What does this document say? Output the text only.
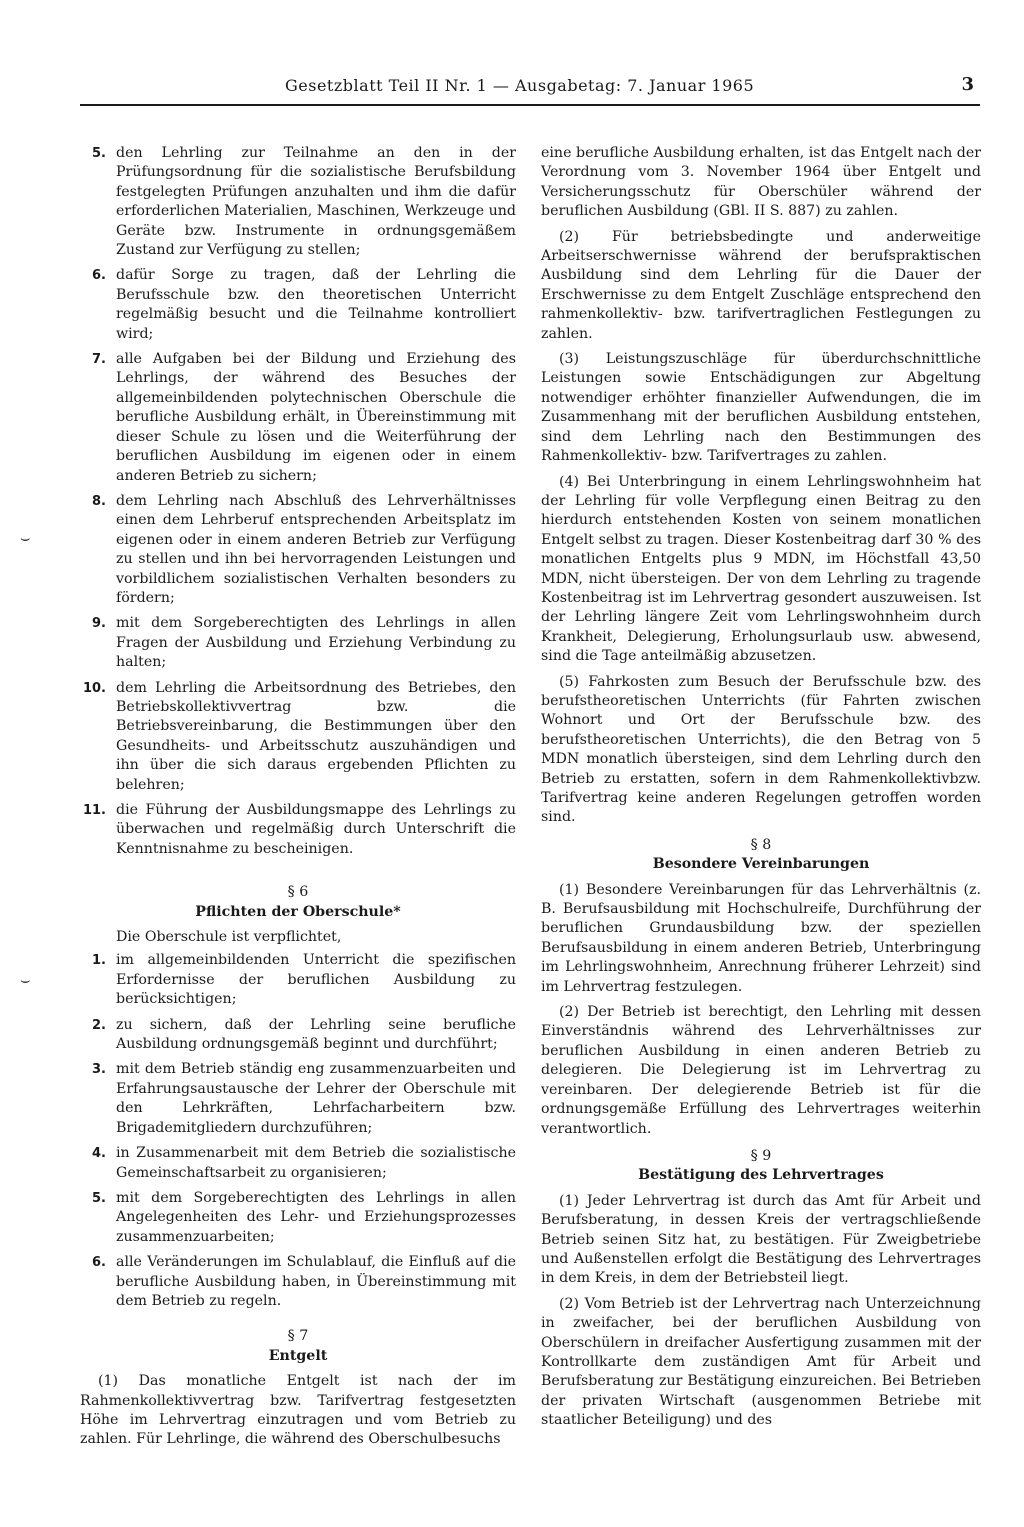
Gesetzblatt Teil II Nr. 1 — Ausgabetag: 7. Januar 1965	3
⌣
⌣
5. den Lehrling zur Teilnahme an den in der Prüfungsordnung für die sozialistische Berufsbildung festgelegten Prüfungen anzuhalten und ihm die dafür erforderlichen Materialien, Maschinen, Werkzeuge und Geräte bzw. Instrumente in ordnungsgemäßem Zustand zur Verfügung zu stellen;
6. dafür Sorge zu tragen, daß der Lehrling die Berufsschule bzw. den theoretischen Unterricht regelmäßig besucht und die Teilnahme kontrolliert wird;
7. alle Aufgaben bei der Bildung und Erziehung des Lehrlings, der während des Besuches der allgemeinbildenden polytechnischen Oberschule die berufliche Ausbildung erhält, in Übereinstimmung mit dieser Schule zu lösen und die Weiterführung der beruflichen Ausbildung im eigenen oder in einem anderen Betrieb zu sichern;
8. dem Lehrling nach Abschluß des Lehrverhältnisses einen dem Lehrberuf entsprechenden Arbeitsplatz im eigenen oder in einem anderen Betrieb zur Verfügung zu stellen und ihn bei hervorragenden Leistungen und vorbildlichem sozialistischen Verhalten besonders zu fördern;
9. mit dem Sorgeberechtigten des Lehrlings in allen Fragen der Ausbildung und Erziehung Verbindung zu halten;
10. dem Lehrling die Arbeitsordnung des Betriebes, den Betriebskollektivvertrag bzw. die Betriebsvereinbarung, die Bestimmungen über den Gesundheits- und Arbeitsschutz auszuhändigen und ihn über die sich daraus ergebenden Pflichten zu belehren;
11. die Führung der Ausbildungsmappe des Lehrlings zu überwachen und regelmäßig durch Unterschrift die Kenntnisnahme zu bescheinigen.
§ 6
Pflichten der Oberschule*
Die Oberschule ist verpflichtet,
1. im allgemeinbildenden Unterricht die spezifischen Erfordernisse der beruflichen Ausbildung zu berücksichtigen;
2. zu sichern, daß der Lehrling seine berufliche Ausbildung ordnungsgemäß beginnt und durchführt;
3. mit dem Betrieb ständig eng zusammenzuarbeiten und Erfahrungsaustausche der Lehrer der Oberschule mit den Lehrkräften, Lehrfacharbeitern bzw. Brigademitgliedern durchzuführen;
4. in Zusammenarbeit mit dem Betrieb die sozialistische Gemeinschaftsarbeit zu organisieren;
5. mit dem Sorgeberechtigten des Lehrlings in allen Angelegenheiten des Lehr- und Erziehungsprozesses zusammenzuarbeiten;
6. alle Veränderungen im Schulablauf, die Einfluß auf die berufliche Ausbildung haben, in Übereinstimmung mit dem Betrieb zu regeln.
§ 7
Entgelt
(1) Das monatliche Entgelt ist nach der im Rahmenkollektivvertrag bzw. Tarifvertrag festgesetzten Höhe im Lehrvertrag einzutragen und vom Betrieb zu zahlen. Für Lehrlinge, die während des Oberschulbesuchs
eine berufliche Ausbildung erhalten, ist das Entgelt nach der Verordnung vom 3. November 1964 über Entgelt und Versicherungsschutz für Oberschüler während der beruflichen Ausbildung (GBl. II S. 887) zu zahlen.
(2) Für betriebsbedingte und anderweitige Arbeitserschwernisse während der berufspraktischen Ausbildung sind dem Lehrling für die Dauer der Erschwernisse zu dem Entgelt Zuschläge entsprechend den rahmenkollektiv- bzw. tarifvertraglichen Festlegungen zu zahlen.
(3) Leistungszuschläge für überdurchschnittliche Leistungen sowie Entschädigungen zur Abgeltung notwendiger erhöhter finanzieller Aufwendungen, die im Zusammenhang mit der beruflichen Ausbildung entstehen, sind dem Lehrling nach den Bestimmungen des Rahmenkollektiv- bzw. Tarifvertrages zu zahlen.
(4) Bei Unterbringung in einem Lehrlingswohnheim hat der Lehrling für volle Verpflegung einen Beitrag zu den hierdurch entstehenden Kosten von seinem monatlichen Entgelt selbst zu tragen. Dieser Kostenbeitrag darf 30 % des monatlichen Entgelts plus 9 MDN, im Höchstfall 43,50 MDN, nicht übersteigen. Der von dem Lehrling zu tragende Kostenbeitrag ist im Lehrvertrag gesondert auszuweisen. Ist der Lehrling längere Zeit vom Lehrlingswohnheim durch Krankheit, Delegierung, Erholungsurlaub usw. abwesend, sind die Tage anteilmäßig abzusetzen.
(5) Fahrkosten zum Besuch der Berufsschule bzw. des berufstheoretischen Unterrichts (für Fahrten zwischen Wohnort und Ort der Berufsschule bzw. des berufstheoretischen Unterrichts), die den Betrag von 5 MDN monatlich übersteigen, sind dem Lehrling durch den Betrieb zu erstatten, sofern in dem Rahmenkollektivbzw. Tarifvertrag keine anderen Regelungen getroffen worden sind.
§ 8
Besondere Vereinbarungen
(1) Besondere Vereinbarungen für das Lehrverhältnis (z. B. Berufsausbildung mit Hochschulreife, Durchführung der beruflichen Grundausbildung bzw. der speziellen Berufsausbildung in einem anderen Betrieb, Unterbringung im Lehrlingswohnheim, Anrechnung früherer Lehrzeit) sind im Lehrvertrag festzulegen.
(2) Der Betrieb ist berechtigt, den Lehrling mit dessen Einverständnis während des Lehrverhältnisses zur beruflichen Ausbildung in einen anderen Betrieb zu delegieren. Die Delegierung ist im Lehrvertrag zu vereinbaren. Der delegierende Betrieb ist für die ordnungsgemäße Erfüllung des Lehrvertrages weiterhin verantwortlich.
§ 9
Bestätigung des Lehrvertrages
(1) Jeder Lehrvertrag ist durch das Amt für Arbeit und Berufsberatung, in dessen Kreis der vertragschließende Betrieb seinen Sitz hat, zu bestätigen. Für Zweigbetriebe und Außenstellen erfolgt die Bestätigung des Lehrvertrages in dem Kreis, in dem der Betriebsteil liegt.
(2) Vom Betrieb ist der Lehrvertrag nach Unterzeichnung in zweifacher, bei der beruflichen Ausbildung von Oberschülern in dreifacher Ausfertigung zusammen mit der Kontrollkarte dem zuständigen Amt für Arbeit und Berufsberatung zur Bestätigung einzureichen. Bei Betrieben der privaten Wirtschaft (ausgenommen Betriebe mit staatlicher Beteiligung) und des
